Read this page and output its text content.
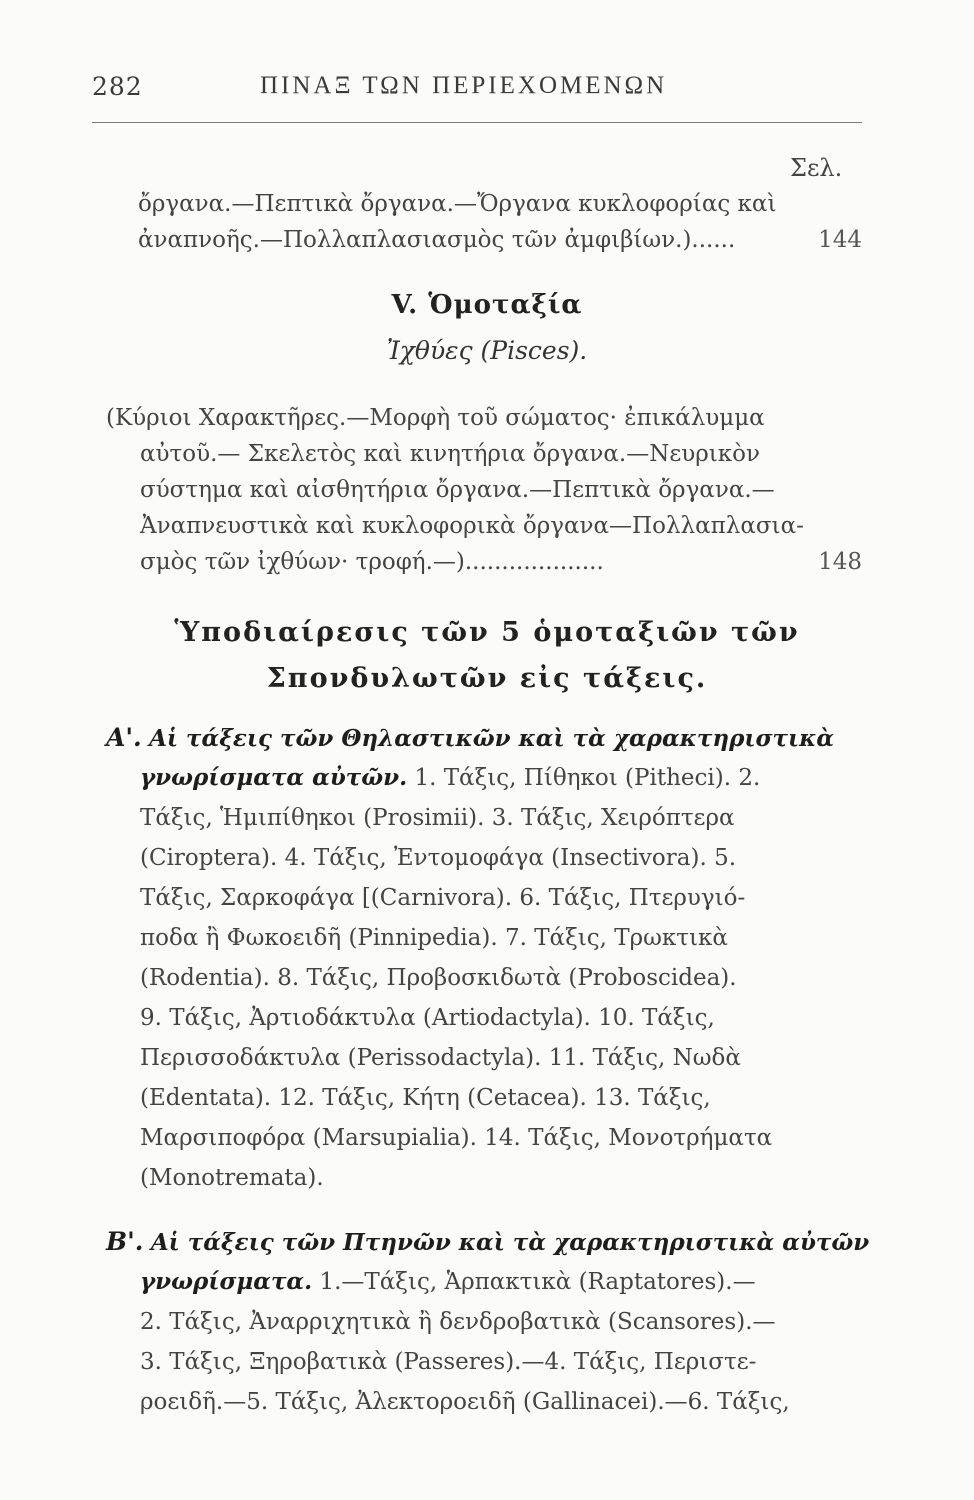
282	ΠΙΝΑΞ ΤΩΝ ΠΕΡΙΕΧΟΜΕΝΩΝ
Σελ.
ὄργανα.—Πεπτικὰ ὄργανα.—Ὄργανα κυκλοφορίας καὶ
ἀναπνοῆς.—Πολλαπλασιασμὸς τῶν ἀμφιβίων.)......	144
V. Ὁμοταξία
Ἰχθύες (Pisces).
(Κύριοι Χαρακτῆρες.—Μορφὴ τοῦ σώματος· ἐπικάλυμμα
αὐτοῦ.— Σκελετὸς καὶ κινητήρια ὄργανα.—Νευρικὸν
σύστημα καὶ αἰσθητήρια ὄργανα.—Πεπτικὰ ὄργανα.—
Ἀναπνευστικὰ καὶ κυκλοφορικὰ ὄργανα—Πολλαπλασια-
σμὸς τῶν ἰχθύων· τροφή.—)...................	148
Ὑποδιαίρεσις τῶν 5 ὁμοταξιῶν τῶν
Σπονδυλωτῶν εἰς τάξεις.
Α'. Αἱ τάξεις τῶν Θηλαστικῶν καὶ τὰ χαρακτηριστικὰ
γνωρίσματα αὐτῶν. 1. Τάξις, Πίθηκοι (Pitheci). 2.
Τάξις, Ἡμιπίθηκοι (Prosimii). 3. Τάξις, Χειρόπτερα
(Ciroptera). 4. Τάξις, Ἐντομοφάγα (Insectivora). 5.
Τάξις, Σαρκοφάγα [(Carnivora). 6. Τάξις, Πτερυγιό-
ποδα ἢ Φωκοειδῆ (Pinnipedia). 7. Τάξις, Τρωκτικὰ
(Rodentia). 8. Τάξις, Προβοσκιδωτὰ (Proboscidea).
9. Τάξις, Ἀρτιοδάκτυλα (Artiodactyla). 10. Τάξις,
Περισσοδάκτυλα (Perissodactyla). 11. Τάξις, Νωδὰ
(Edentata). 12. Τάξις, Κήτη (Cetacea). 13. Τάξις,
Μαρσιποφόρα (Marsupialia). 14. Τάξις, Μονοτρήματα
(Monotremata).
Β'. Αἱ τάξεις τῶν Πτηνῶν καὶ τὰ χαρακτηριστικὰ αὐτῶν
γνωρίσματα. 1.—Τάξις, Ἁρπακτικὰ (Raptatores).—
2. Τάξις, Ἀναρριχητικὰ ἢ δενδροβατικὰ (Scansores).—
3. Τάξις, Ξηροβατικὰ (Passeres).—4. Τάξις, Περιστε-
ροειδῆ.—5. Τάξις, Ἀλεκτοροειδῆ (Gallinacei).—6. Τάξις,
